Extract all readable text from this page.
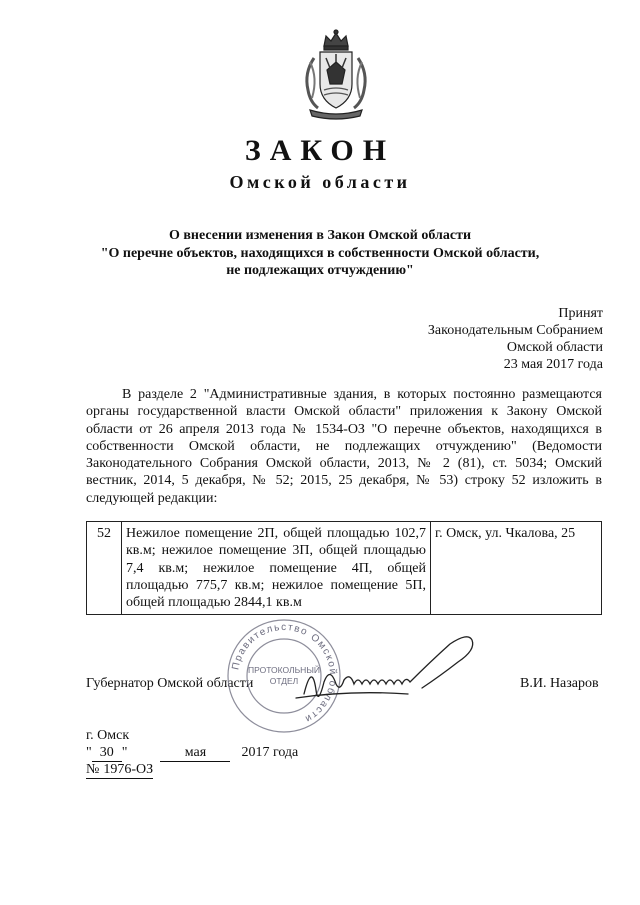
ЗАКОН
Омской области
О внесении изменения в Закон Омской области
"О перечне объектов, находящихся в собственности Омской области,
не подлежащих отчуждению"
Принят
Законодательным Собранием
Омской области
23 мая 2017 года

В разделе 2 "Административные здания, в которых постоянно размещаются органы государственной власти Омской области" приложения к Закону Омской области от 26 апреля 2013 года № 1534-ОЗ "О перечне объектов, находящихся в собственности Омской области, не подлежащих отчуждению" (Ведомости Законодательного Собрания Омской области, 2013, № 2 (81), ст. 5034; Омский вестник, 2014, 5 декабря, № 52; 2015, 25 декабря, № 53) строку 52 изложить в следующей редакции:

52	Нежилое помещение 2П, общей площадью 102,7 кв.м; нежилое помещение 3П, общей площадью 7,4 кв.м; нежилое помещение 4П, общей площадью 775,7 кв.м; нежилое помещение 5П, общей площадью 2844,1 кв.м	г. Омск, ул. Чкалова, 25
Губернатор Омской области	В.И. Назаров
Правительство Омской области
ПРОТОКОЛЬНЫЙ
ОТДЕЛ
г. Омск
" 30 "	мая	2017 года
№ 1976-ОЗ
